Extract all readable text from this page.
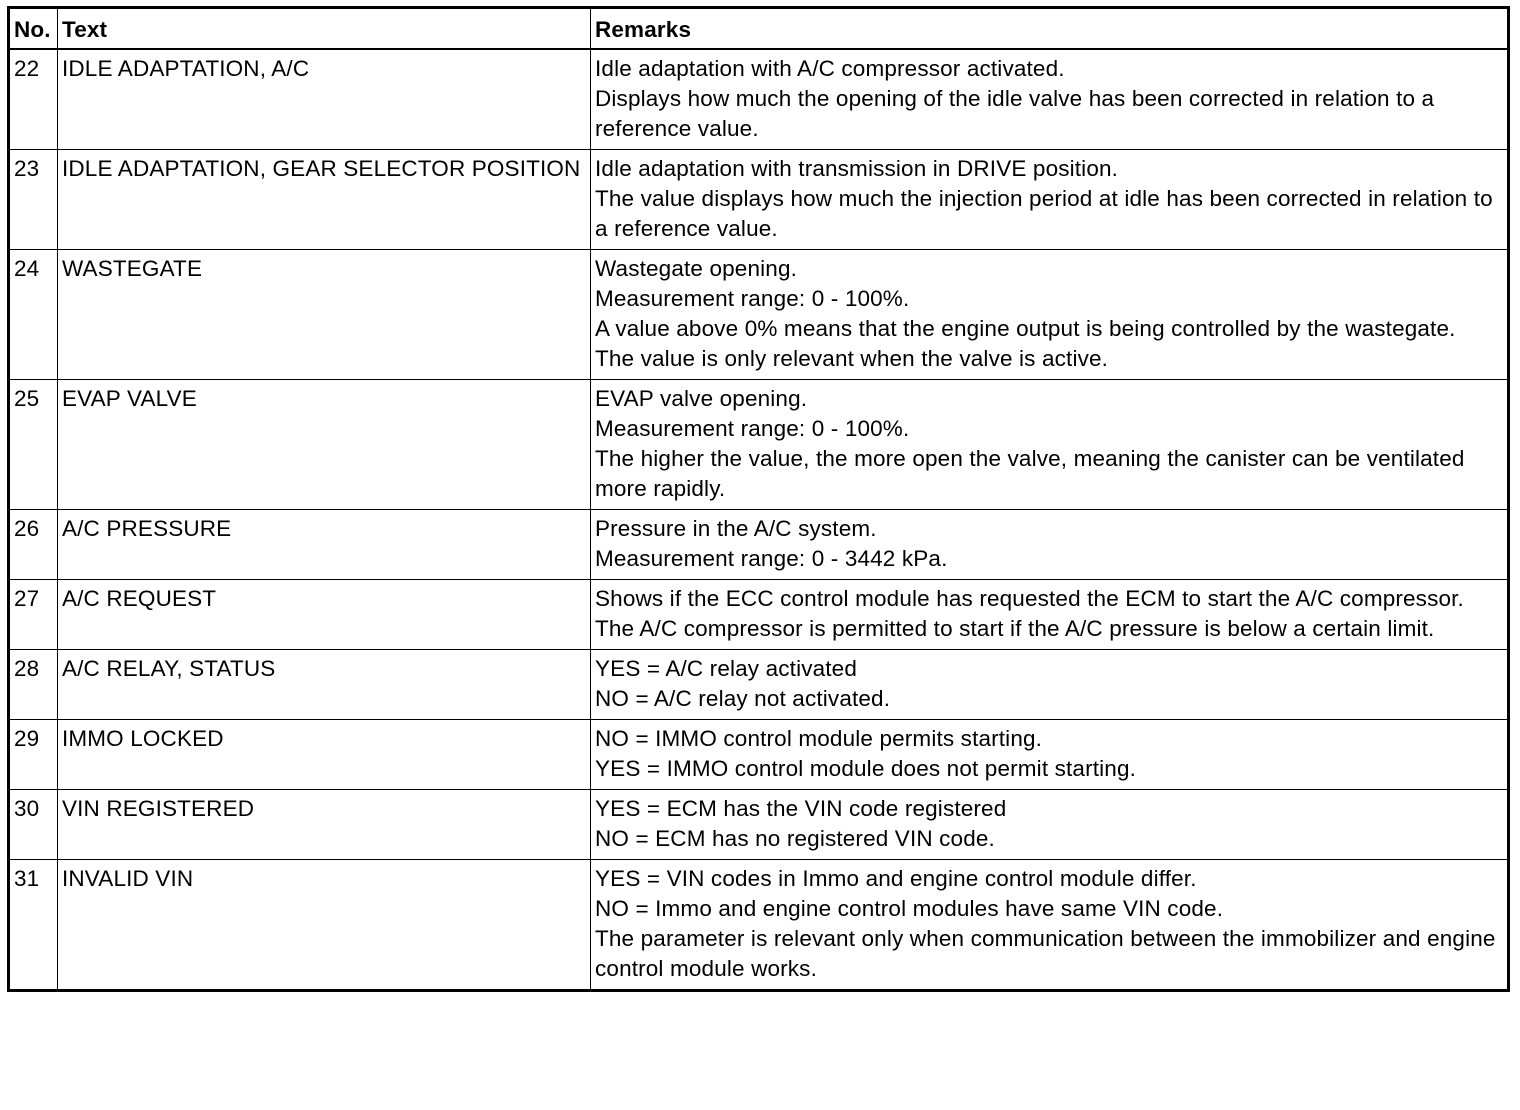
No.	Text	Remarks
22	IDLE ADAPTATION, A/C	Idle adaptation with A/C compressor activated.
Displays how much the opening of the idle valve has been corrected in relation to a reference value.

23	IDLE ADAPTATION, GEAR SELECTOR POSITION	Idle adaptation with transmission in DRIVE position.
The value displays how much the injection period at idle has been corrected in relation to a reference value.

24	WASTEGATE	Wastegate opening.
Measurement range: 0 - 100%.
A value above 0% means that the engine output is being controlled by the wastegate.
The value is only relevant when the valve is active.

25	EVAP VALVE	EVAP valve opening.
Measurement range: 0 - 100%.
The higher the value, the more open the valve, meaning the canister can be ventilated more rapidly.

26	A/C PRESSURE	Pressure in the A/C system.
Measurement range: 0 - 3442 kPa.

27	A/C REQUEST	Shows if the ECC control module has requested the ECM to start the A/C compressor.
The A/C compressor is permitted to start if the A/C pressure is below a certain limit.

28	A/C RELAY, STATUS	YES = A/C relay activated
NO = A/C relay not activated.

29	IMMO LOCKED	NO = IMMO control module permits starting.
YES = IMMO control module does not permit starting.

30	VIN REGISTERED	YES = ECM has the VIN code registered
NO = ECM has no registered VIN code.

31	INVALID VIN	YES = VIN codes in Immo and engine control module differ.
NO = Immo and engine control modules have same VIN code.
The parameter is relevant only when communication between the immobilizer and engine control module works.
